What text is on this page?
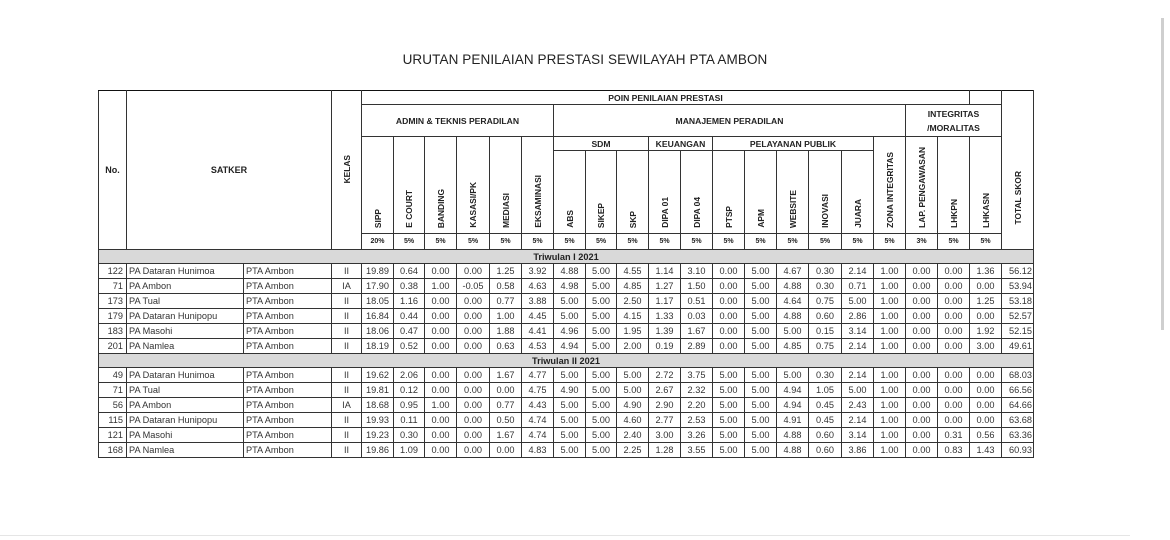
URUTAN PENILAIAN PRESTASI SEWILAYAH PTA AMBON
No.	SATKER		KELAS	POIN PENILAIAN PRESTASI																				TOTAL SKOR
				ADMIN & TEKNIS PERADILAN						MANAJEMEN PERADILAN											INTEGRITAS
/MORALITAS			

				SIPP	E COURT	BANDING	KASASI/PK	MEDIASI	EKSAMINASI	SDM			KEUANGAN		PELAYANAN PUBLIK					ZONA INTEGRITAS	LAP. PENGAWASAN	LHKPN	LHKASN	
										ABS	SIKEP	SKP	DIPA 01	DIPA 04	PTSP	APM	WEBSITE	INOVASI	JUARA					
				20%	5%	5%	5%	5%	5%	5%	5%	5%	5%	5%	5%	5%	5%	5%	5%	5%	3%	5%	5%	
Triwulan I 2021																								
122	PA Dataran Hunimoa	PTA Ambon	II	19.89	0.64	0.00	0.00	1.25	3.92	4.88	5.00	4.55	1.14	3.10	0.00	5.00	4.67	0.30	2.14	1.00	0.00	0.00	1.36	56.12
71	PA Ambon	PTA Ambon	IA	17.90	0.38	1.00	-0.05	0.58	4.63	4.98	5.00	4.85	1.27	1.50	0.00	5.00	4.88	0.30	0.71	1.00	0.00	0.00	0.00	53.94
173	PA Tual	PTA Ambon	II	18.05	1.16	0.00	0.00	0.77	3.88	5.00	5.00	2.50	1.17	0.51	0.00	5.00	4.64	0.75	5.00	1.00	0.00	0.00	1.25	53.18
179	PA Dataran Hunipopu	PTA Ambon	II	16.84	0.44	0.00	0.00	1.00	4.45	5.00	5.00	4.15	1.33	0.03	0.00	5.00	4.88	0.60	2.86	1.00	0.00	0.00	0.00	52.57
183	PA Masohi	PTA Ambon	II	18.06	0.47	0.00	0.00	1.88	4.41	4.96	5.00	1.95	1.39	1.67	0.00	5.00	5.00	0.15	3.14	1.00	0.00	0.00	1.92	52.15
201	PA Namlea	PTA Ambon	II	18.19	0.52	0.00	0.00	0.63	4.53	4.94	5.00	2.00	0.19	2.89	0.00	5.00	4.85	0.75	2.14	1.00	0.00	0.00	3.00	49.61
Triwulan II 2021																								
49	PA Dataran Hunimoa	PTA Ambon	II	19.62	2.06	0.00	0.00	1.67	4.77	5.00	5.00	5.00	2.72	3.75	5.00	5.00	5.00	0.30	2.14	1.00	0.00	0.00	0.00	68.03
71	PA Tual	PTA Ambon	II	19.81	0.12	0.00	0.00	0.00	4.75	4.90	5.00	5.00	2.67	2.32	5.00	5.00	4.94	1.05	5.00	1.00	0.00	0.00	0.00	66.56
56	PA Ambon	PTA Ambon	IA	18.68	0.95	1.00	0.00	0.77	4.43	5.00	5.00	4.90	2.90	2.20	5.00	5.00	4.94	0.45	2.43	1.00	0.00	0.00	0.00	64.66
115	PA Dataran Hunipopu	PTA Ambon	II	19.93	0.11	0.00	0.00	0.50	4.74	5.00	5.00	4.60	2.77	2.53	5.00	5.00	4.91	0.45	2.14	1.00	0.00	0.00	0.00	63.68
121	PA Masohi	PTA Ambon	II	19.23	0.30	0.00	0.00	1.67	4.74	5.00	5.00	2.40	3.00	3.26	5.00	5.00	4.88	0.60	3.14	1.00	0.00	0.31	0.56	63.36
168	PA Namlea	PTA Ambon	II	19.86	1.09	0.00	0.00	0.00	4.83	5.00	5.00	2.25	1.28	3.55	5.00	5.00	4.88	0.60	3.86	1.00	0.00	0.83	1.43	60.93
